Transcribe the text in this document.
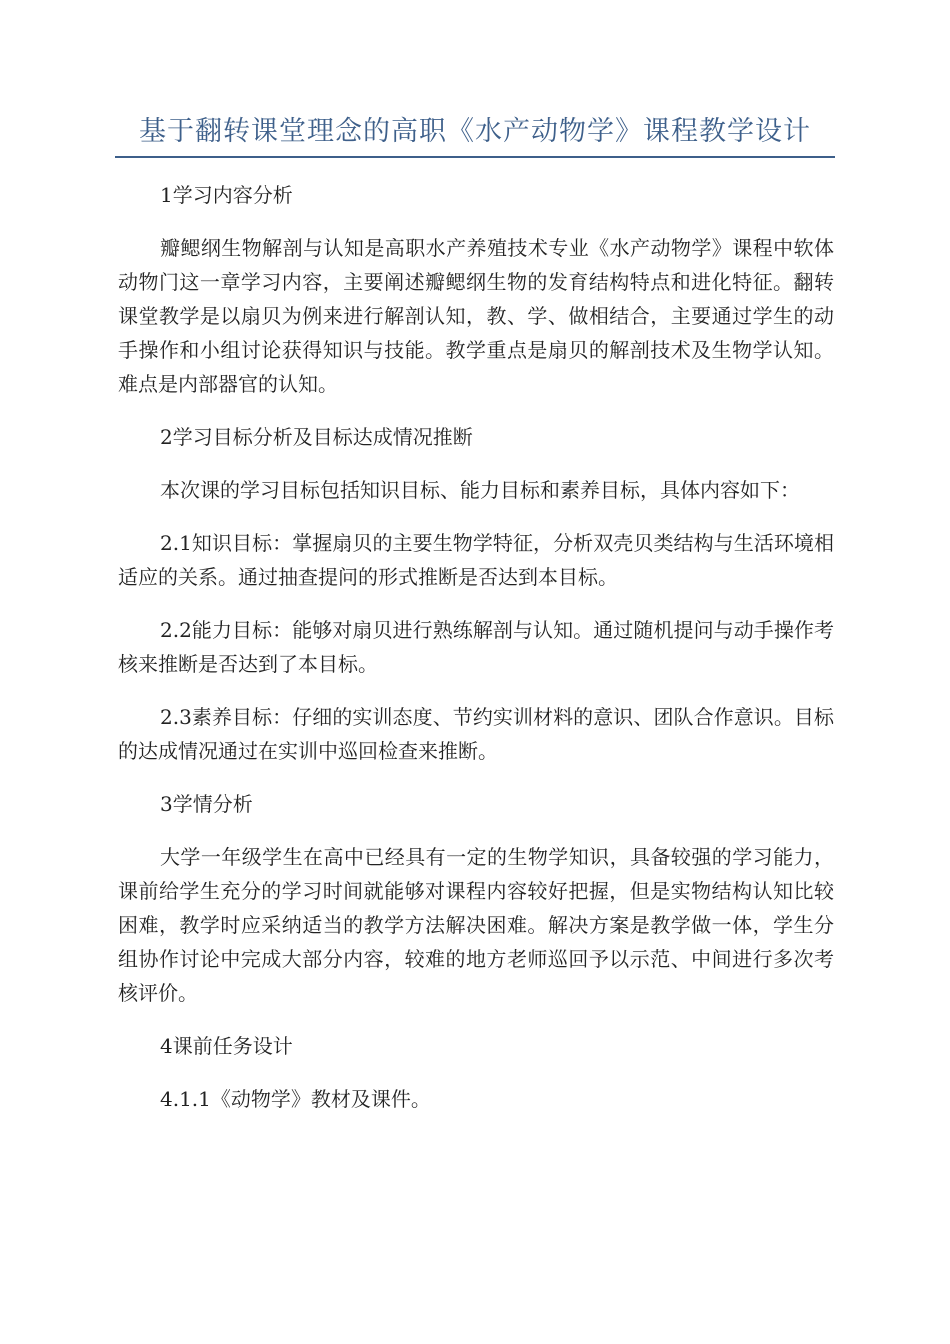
基于翻转课堂理念的高职《水产动物学》课程教学设计
1学习内容分析
瓣鳃纲生物解剖与认知是高职水产养殖技术专业《水产动物学》课程中软体动物门这一章学习内容，主要阐述瓣鳃纲生物的发育结构特点和进化特征。翻转课堂教学是以扇贝为例来进行解剖认知，教、学、做相结合，主要通过学生的动手操作和小组讨论获得知识与技能。教学重点是扇贝的解剖技术及生物学认知。难点是内部器官的认知。
2学习目标分析及目标达成情况推断
本次课的学习目标包括知识目标、能力目标和素养目标，具体内容如下：
2.1知识目标：掌握扇贝的主要生物学特征，分析双壳贝类结构与生活环境相适应的关系。通过抽查提问的形式推断是否达到本目标。
2.2能力目标：能够对扇贝进行熟练解剖与认知。通过随机提问与动手操作考核来推断是否达到了本目标。
2.3素养目标：仔细的实训态度、节约实训材料的意识、团队合作意识。目标的达成情况通过在实训中巡回检查来推断。
3学情分析
大学一年级学生在高中已经具有一定的生物学知识，具备较强的学习能力，课前给学生充分的学习时间就能够对课程内容较好把握，但是实物结构认知比较困难，教学时应采纳适当的教学方法解决困难。解决方案是教学做一体，学生分组协作讨论中完成大部分内容，较难的地方老师巡回予以示范、中间进行多次考核评价。
4课前任务设计
4.1.1《动物学》教材及课件。
